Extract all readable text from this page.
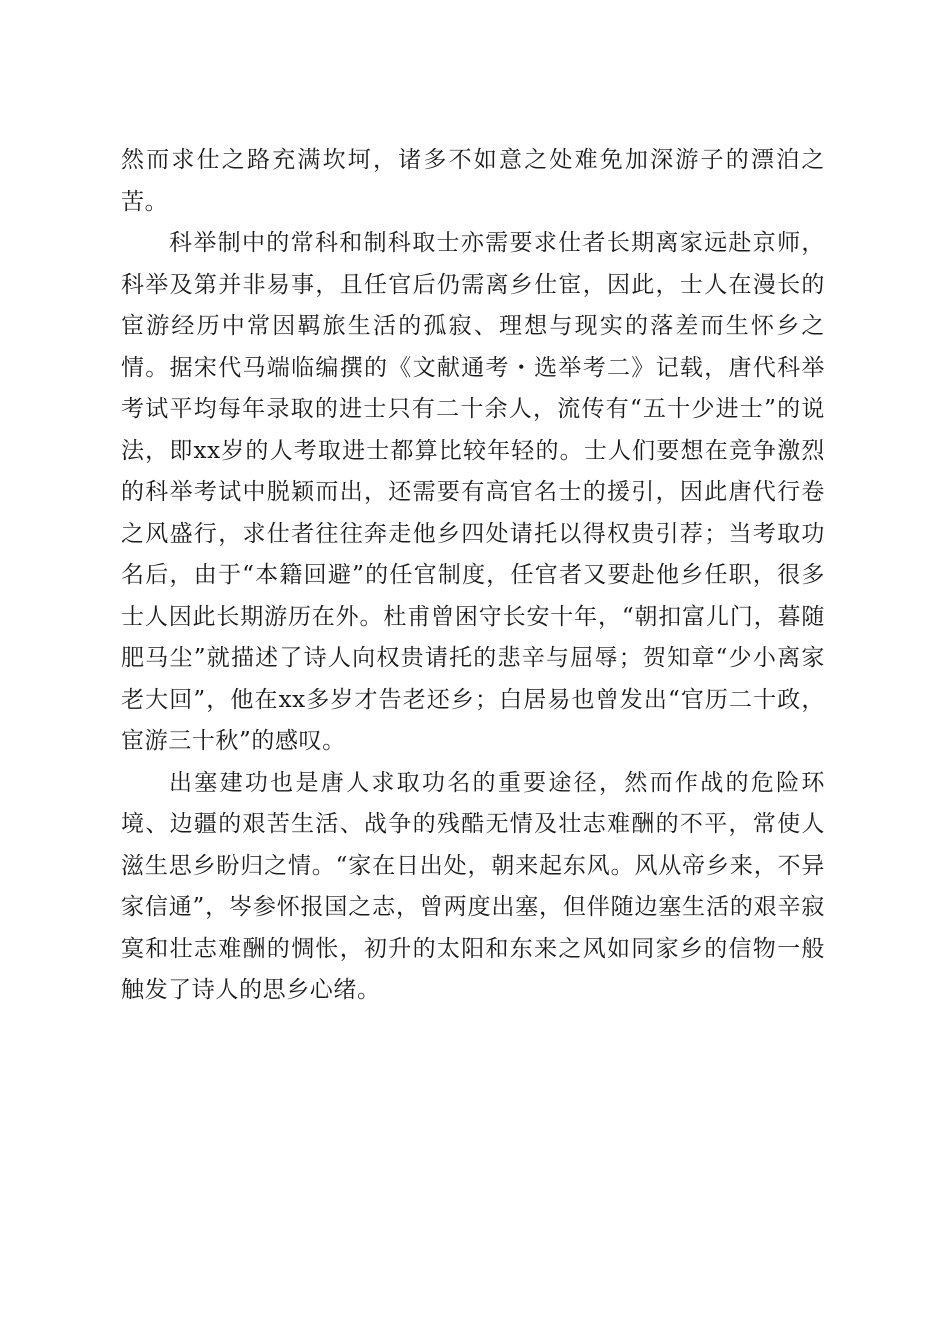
然而求仕之路充满坎坷，诸多不如意之处难免加深游子的漂泊之苦。

科举制中的常科和制科取士亦需要求仕者长期离家远赴京师，科举及第并非易事，且任官后仍需离乡仕宦，因此，士人在漫长的宦游经历中常因羁旅生活的孤寂、理想与现实的落差而生怀乡之情。据宋代马端临编撰的《文献通考・选举考二》记载，唐代科举考试平均每年录取的进士只有二十余人，流传有“五十少进士”的说法，即xx岁的人考取进士都算比较年轻的。士人们要想在竞争激烈的科举考试中脱颖而出，还需要有高官名士的援引，因此唐代行卷之风盛行，求仕者往往奔走他乡四处请托以得权贵引荐；当考取功名后，由于“本籍回避”的任官制度，任官者又要赴他乡任职，很多士人因此长期游历在外。杜甫曾困守长安十年，“朝扣富儿门，暮随肥马尘”就描述了诗人向权贵请托的悲辛与屈辱；贺知章“少小离家老大回”，他在xx多岁才告老还乡；白居易也曾发出“官历二十政，宦游三十秋”的感叹。

出塞建功也是唐人求取功名的重要途径，然而作战的危险环境、边疆的艰苦生活、战争的残酷无情及壮志难酬的不平，常使人滋生思乡盼归之情。“家在日出处，朝来起东风。风从帝乡来，不异家信通”，岑参怀报国之志，曾两度出塞，但伴随边塞生活的艰辛寂寞和壮志难酬的惆怅，初升的太阳和东来之风如同家乡的信物一般触发了诗人的思乡心绪。
